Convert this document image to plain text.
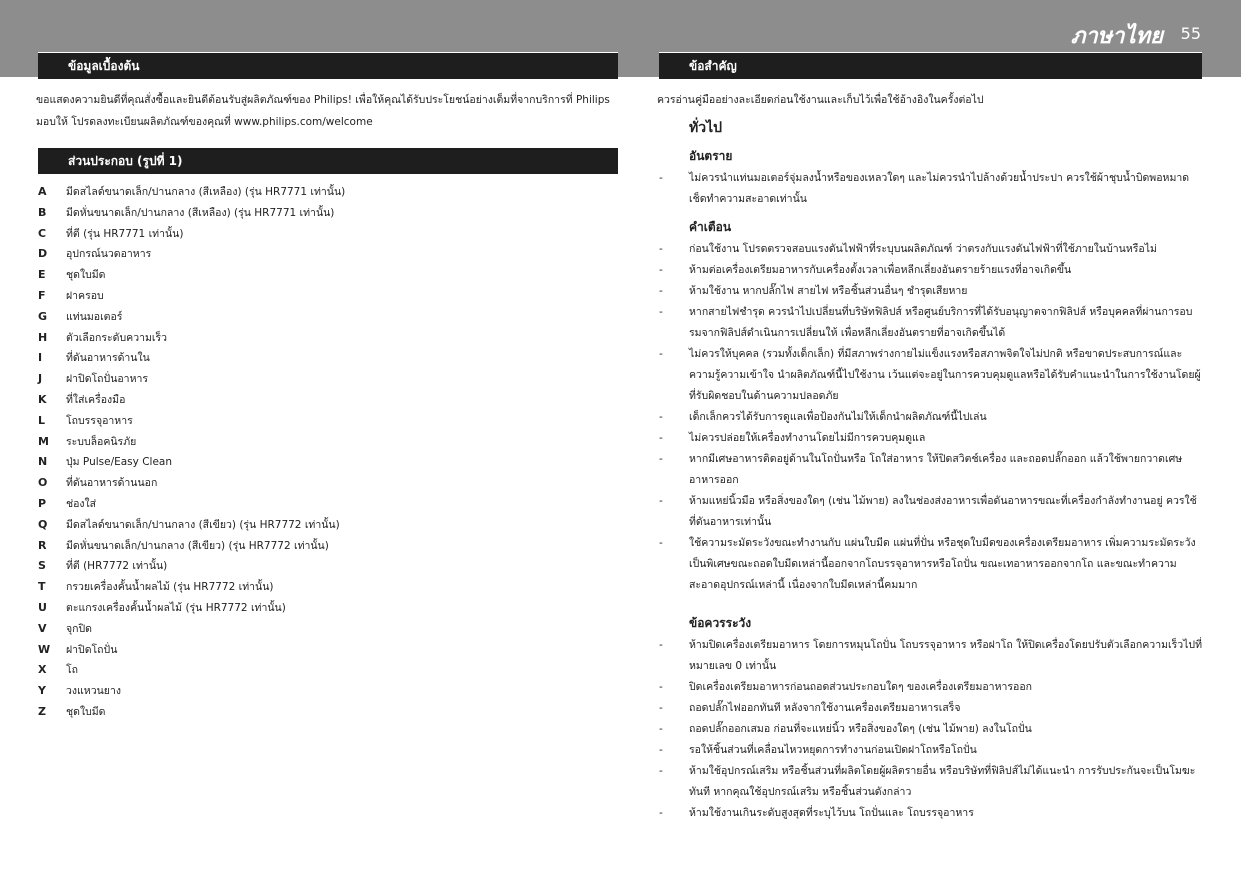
ภาษาไทย 55
ข้อมูลเบื้องต้น

ขอแสดงความยินดีที่คุณสั่งซื้อและยินดีต้อนรับสู่ผลิตภัณฑ์ของ Philips! เพื่อให้คุณได้รับประโยชน์อย่างเต็มที่จากบริการที่ Philips มอบให้ โปรดลงทะเบียนผลิตภัณฑ์ของคุณที่ www.philips.com/welcome

ส่วนประกอบ (รูปที่ 1)
A มีดสไลด์ขนาดเล็ก/ปานกลาง (สีเหลือง) (รุ่น HR7771 เท่านั้น)
B มีดหั่นขนาดเล็ก/ปานกลาง (สีเหลือง) (รุ่น HR7771 เท่านั้น)
C ที่ตี (รุ่น HR7771 เท่านั้น)
D อุปกรณ์นวดอาหาร
E ชุดใบมีด
F ฝาครอบ
G แท่นมอเตอร์
H ตัวเลือกระดับความเร็ว
I ที่ดันอาหารด้านใน
J ฝาปิดโถปั่นอาหาร
K ที่ใส่เครื่องมือ
L โถบรรจุอาหาร
M ระบบล็อคนิรภัย
N ปุ่ม Pulse/Easy Clean
O ที่ดันอาหารด้านนอก
P ช่องใส่
Q มีดสไลด์ขนาดเล็ก/ปานกลาง (สีเขียว) (รุ่น HR7772 เท่านั้น)
R มีดหั่นขนาดเล็ก/ปานกลาง (สีเขียว) (รุ่น HR7772 เท่านั้น)
S ที่ตี (HR7772 เท่านั้น)
T กรวยเครื่องคั้นน้ำผลไม้ (รุ่น HR7772 เท่านั้น)
U ตะแกรงเครื่องคั้นน้ำผลไม้ (รุ่น HR7772 เท่านั้น)
V จุกปิด
W ฝาปิดโถปั่น
X โถ
Y วงแหวนยาง
Z ชุดใบมีด
ข้อสำคัญ

ควรอ่านคู่มืออย่างละเอียดก่อนใช้งานและเก็บไว้เพื่อใช้อ้างอิงในครั้งต่อไป

ทั่วไป
อันตราย
- ไม่ควรนำแท่นมอเตอร์จุ่มลงน้ำหรือของเหลวใดๆ และไม่ควรนำไปล้างด้วยน้ำประปา ควรใช้ผ้าชุบน้ำบิดพอหมาดเช็ดทำความสะอาดเท่านั้น
คำเตือน
- ก่อนใช้งาน โปรดตรวจสอบแรงดันไฟฟ้าที่ระบุบนผลิตภัณฑ์ ว่าตรงกับแรงดันไฟฟ้าที่ใช้ภายในบ้านหรือไม่
- ห้ามต่อเครื่องเตรียมอาหารกับเครื่องตั้งเวลาเพื่อหลีกเลี่ยงอันตรายร้ายแรงที่อาจเกิดขึ้น
- ห้ามใช้งาน หากปลั๊กไฟ สายไฟ หรือชิ้นส่วนอื่นๆ ชำรุดเสียหาย
- หากสายไฟชำรุด ควรนำไปเปลี่ยนที่บริษัทฟิลิปส์ หรือศูนย์บริการที่ได้รับอนุญาตจากฟิลิปส์ หรือบุคคลที่ผ่านการอบรมจากฟิลิปส์ดำเนินการเปลี่ยนให้ เพื่อหลีกเลี่ยงอันตรายที่อาจเกิดขึ้นได้
- ไม่ควรให้บุคคล (รวมทั้งเด็กเล็ก) ที่มีสภาพร่างกายไม่แข็งแรงหรือสภาพจิตใจไม่ปกติ หรือขาดประสบการณ์และความรู้ความเข้าใจ นำผลิตภัณฑ์นี้ไปใช้งาน เว้นแต่จะอยู่ในการควบคุมดูแลหรือได้รับคำแนะนำในการใช้งานโดยผู้ที่รับผิดชอบในด้านความปลอดภัย
- เด็กเล็กควรได้รับการดูแลเพื่อป้องกันไม่ให้เด็กนำผลิตภัณฑ์นี้ไปเล่น
- ไม่ควรปล่อยให้เครื่องทำงานโดยไม่มีการควบคุมดูแล
- หากมีเศษอาหารติดอยู่ด้านในโถปั่นหรือ โถใส่อาหาร ให้ปิดสวิตช์เครื่อง และถอดปลั๊กออก แล้วใช้พายกวาดเศษอาหารออก
- ห้ามแหย่นิ้วมือ หรือสิ่งของใดๆ (เช่น ไม้พาย) ลงในช่องส่งอาหารเพื่อดันอาหารขณะที่เครื่องกำลังทำงานอยู่ ควรใช้ที่ดันอาหารเท่านั้น
- ใช้ความระมัดระวังขณะทำงานกับ แผ่นใบมีด แผ่นที่ปั่น หรือชุดใบมีดของเครื่องเตรียมอาหาร เพิ่มความระมัดระวังเป็นพิเศษขณะถอดใบมีดเหล่านี้ออกจากโถบรรจุอาหารหรือโถปั่น ขณะเทอาหารออกจากโถ และขณะทำความสะอาดอุปกรณ์เหล่านี้ เนื่องจากใบมีดเหล่านี้คมมาก
ข้อควรระวัง
- ห้ามปิดเครื่องเตรียมอาหาร โดยการหมุนโถปั่น โถบรรจุอาหาร หรือฝาโถ ให้ปิดเครื่องโดยปรับตัวเลือกความเร็วไปที่หมายเลข 0 เท่านั้น
- ปิดเครื่องเตรียมอาหารก่อนถอดส่วนประกอบใดๆ ของเครื่องเตรียมอาหารออก
- ถอดปลั๊กไฟออกทันที หลังจากใช้งานเครื่องเตรียมอาหารเสร็จ
- ถอดปลั๊กออกเสมอ ก่อนที่จะแหย่นิ้ว หรือสิ่งของใดๆ (เช่น ไม้พาย) ลงในโถปั่น
- รอให้ชิ้นส่วนที่เคลื่อนไหวหยุดการทำงานก่อนเปิดฝาโถหรือโถปั่น
- ห้ามใช้อุปกรณ์เสริม หรือชิ้นส่วนที่ผลิตโดยผู้ผลิตรายอื่น หรือบริษัทที่ฟิลิปส์ไม่ได้แนะนำ การรับประกันจะเป็นโมฆะทันที หากคุณใช้อุปกรณ์เสริม หรือชิ้นส่วนดังกล่าว
- ห้ามใช้งานเกินระดับสูงสุดที่ระบุไว้บน โถปั่นและ โถบรรจุอาหาร
